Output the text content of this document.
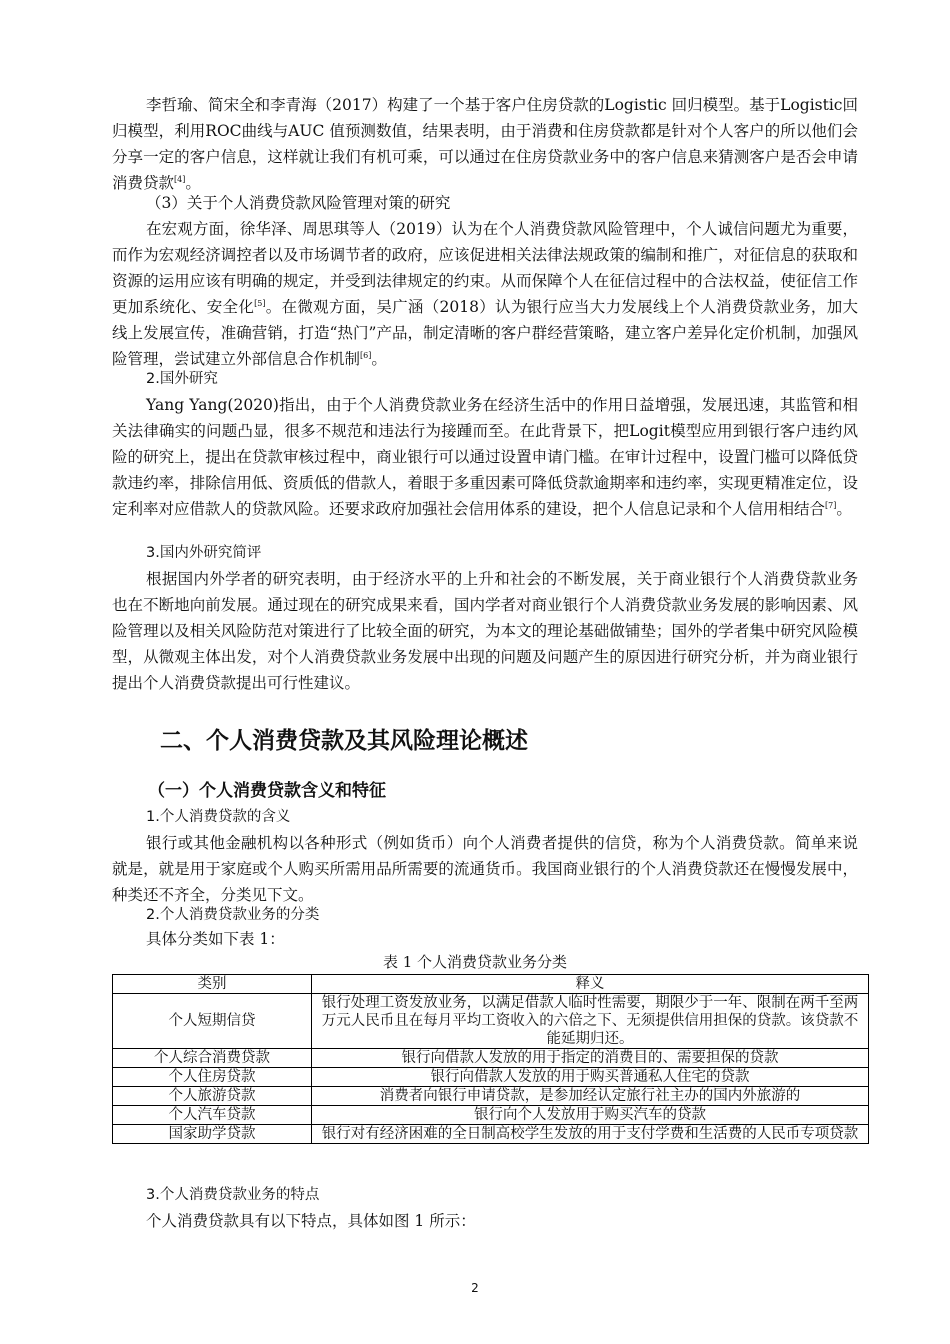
李哲瑜、简宋全和李青海（2017）构建了一个基于客户住房贷款的Logistic 回归模型。基于Logistic回归模型，利用ROC曲线与AUC 值预测数值，结果表明，由于消费和住房贷款都是针对个人客户的所以他们会分享一定的客户信息，这样就让我们有机可乘，可以通过在住房贷款业务中的客户信息来猜测客户是否会申请消费贷款[4]。

（3）关于个人消费贷款风险管理对策的研究

在宏观方面，徐华泽、周思琪等人（2019）认为在个人消费贷款风险管理中，个人诚信问题尤为重要，而作为宏观经济调控者以及市场调节者的政府，应该促进相关法律法规政策的编制和推广，对征信息的获取和资源的运用应该有明确的规定，并受到法律规定的约束。从而保障个人在征信过程中的合法权益，使征信工作更加系统化、安全化[5]。在微观方面，吴广涵（2018）认为银行应当大力发展线上个人消费贷款业务，加大线上发展宣传，准确营销，打造“热门”产品，制定清晰的客户群经营策略，建立客户差异化定价机制，加强风险管理，尝试建立外部信息合作机制[6]。

2.国外研究

Yang Yang(2020)指出，由于个人消费贷款业务在经济生活中的作用日益增强，发展迅速，其监管和相关法律确实的问题凸显，很多不规范和违法行为接踵而至。在此背景下，把Logit模型应用到银行客户违约风险的研究上，提出在贷款审核过程中，商业银行可以通过设置申请门槛。在审计过程中，设置门槛可以降低贷款违约率，排除信用低、资质低的借款人，着眼于多重因素可降低贷款逾期率和违约率，实现更精准定位，设定利率对应借款人的贷款风险。还要求政府加强社会信用体系的建设，把个人信息记录和个人信用相结合[7]。

3.国内外研究简评

根据国内外学者的研究表明，由于经济水平的上升和社会的不断发展，关于商业银行个人消费贷款业务也在不断地向前发展。通过现在的研究成果来看，国内学者对商业银行个人消费贷款业务发展的影响因素、风险管理以及相关风险防范对策进行了比较全面的研究，为本文的理论基础做铺垫；国外的学者集中研究风险模型，从微观主体出发，对个人消费贷款业务发展中出现的问题及问题产生的原因进行研究分析，并为商业银行提出个人消费贷款提出可行性建议。

二、个人消费贷款及其风险理论概述
（一）个人消费贷款含义和特征

1.个人消费贷款的含义

银行或其他金融机构以各种形式（例如货币）向个人消费者提供的信贷，称为个人消费贷款。简单来说就是，就是用于家庭或个人购买所需用品所需要的流通货币。我国商业银行的个人消费贷款还在慢慢发展中，种类还不齐全，分类见下文。

2.个人消费贷款业务的分类

具体分类如下表 1：

表 1 个人消费贷款业务分类
类别	释义
个人短期信贷	银行处理工资发放业务，以满足借款人临时性需要，期限少于一年、限制在两千至两万元人民币且在每月平均工资收入的六倍之下、无须提供信用担保的贷款。该贷款不能延期归还。
个人综合消费贷款	银行向借款人发放的用于指定的消费目的、需要担保的贷款
个人住房贷款	银行向借款人发放的用于购买普通私人住宅的贷款
个人旅游贷款	消费者向银行申请贷款，是参加经认定旅行社主办的国内外旅游的
个人汽车贷款	银行向个人发放用于购买汽车的贷款
国家助学贷款	银行对有经济困难的全日制高校学生发放的用于支付学费和生活费的人民币专项贷款

3.个人消费贷款业务的特点

个人消费贷款具有以下特点，具体如图 1 所示：

2
